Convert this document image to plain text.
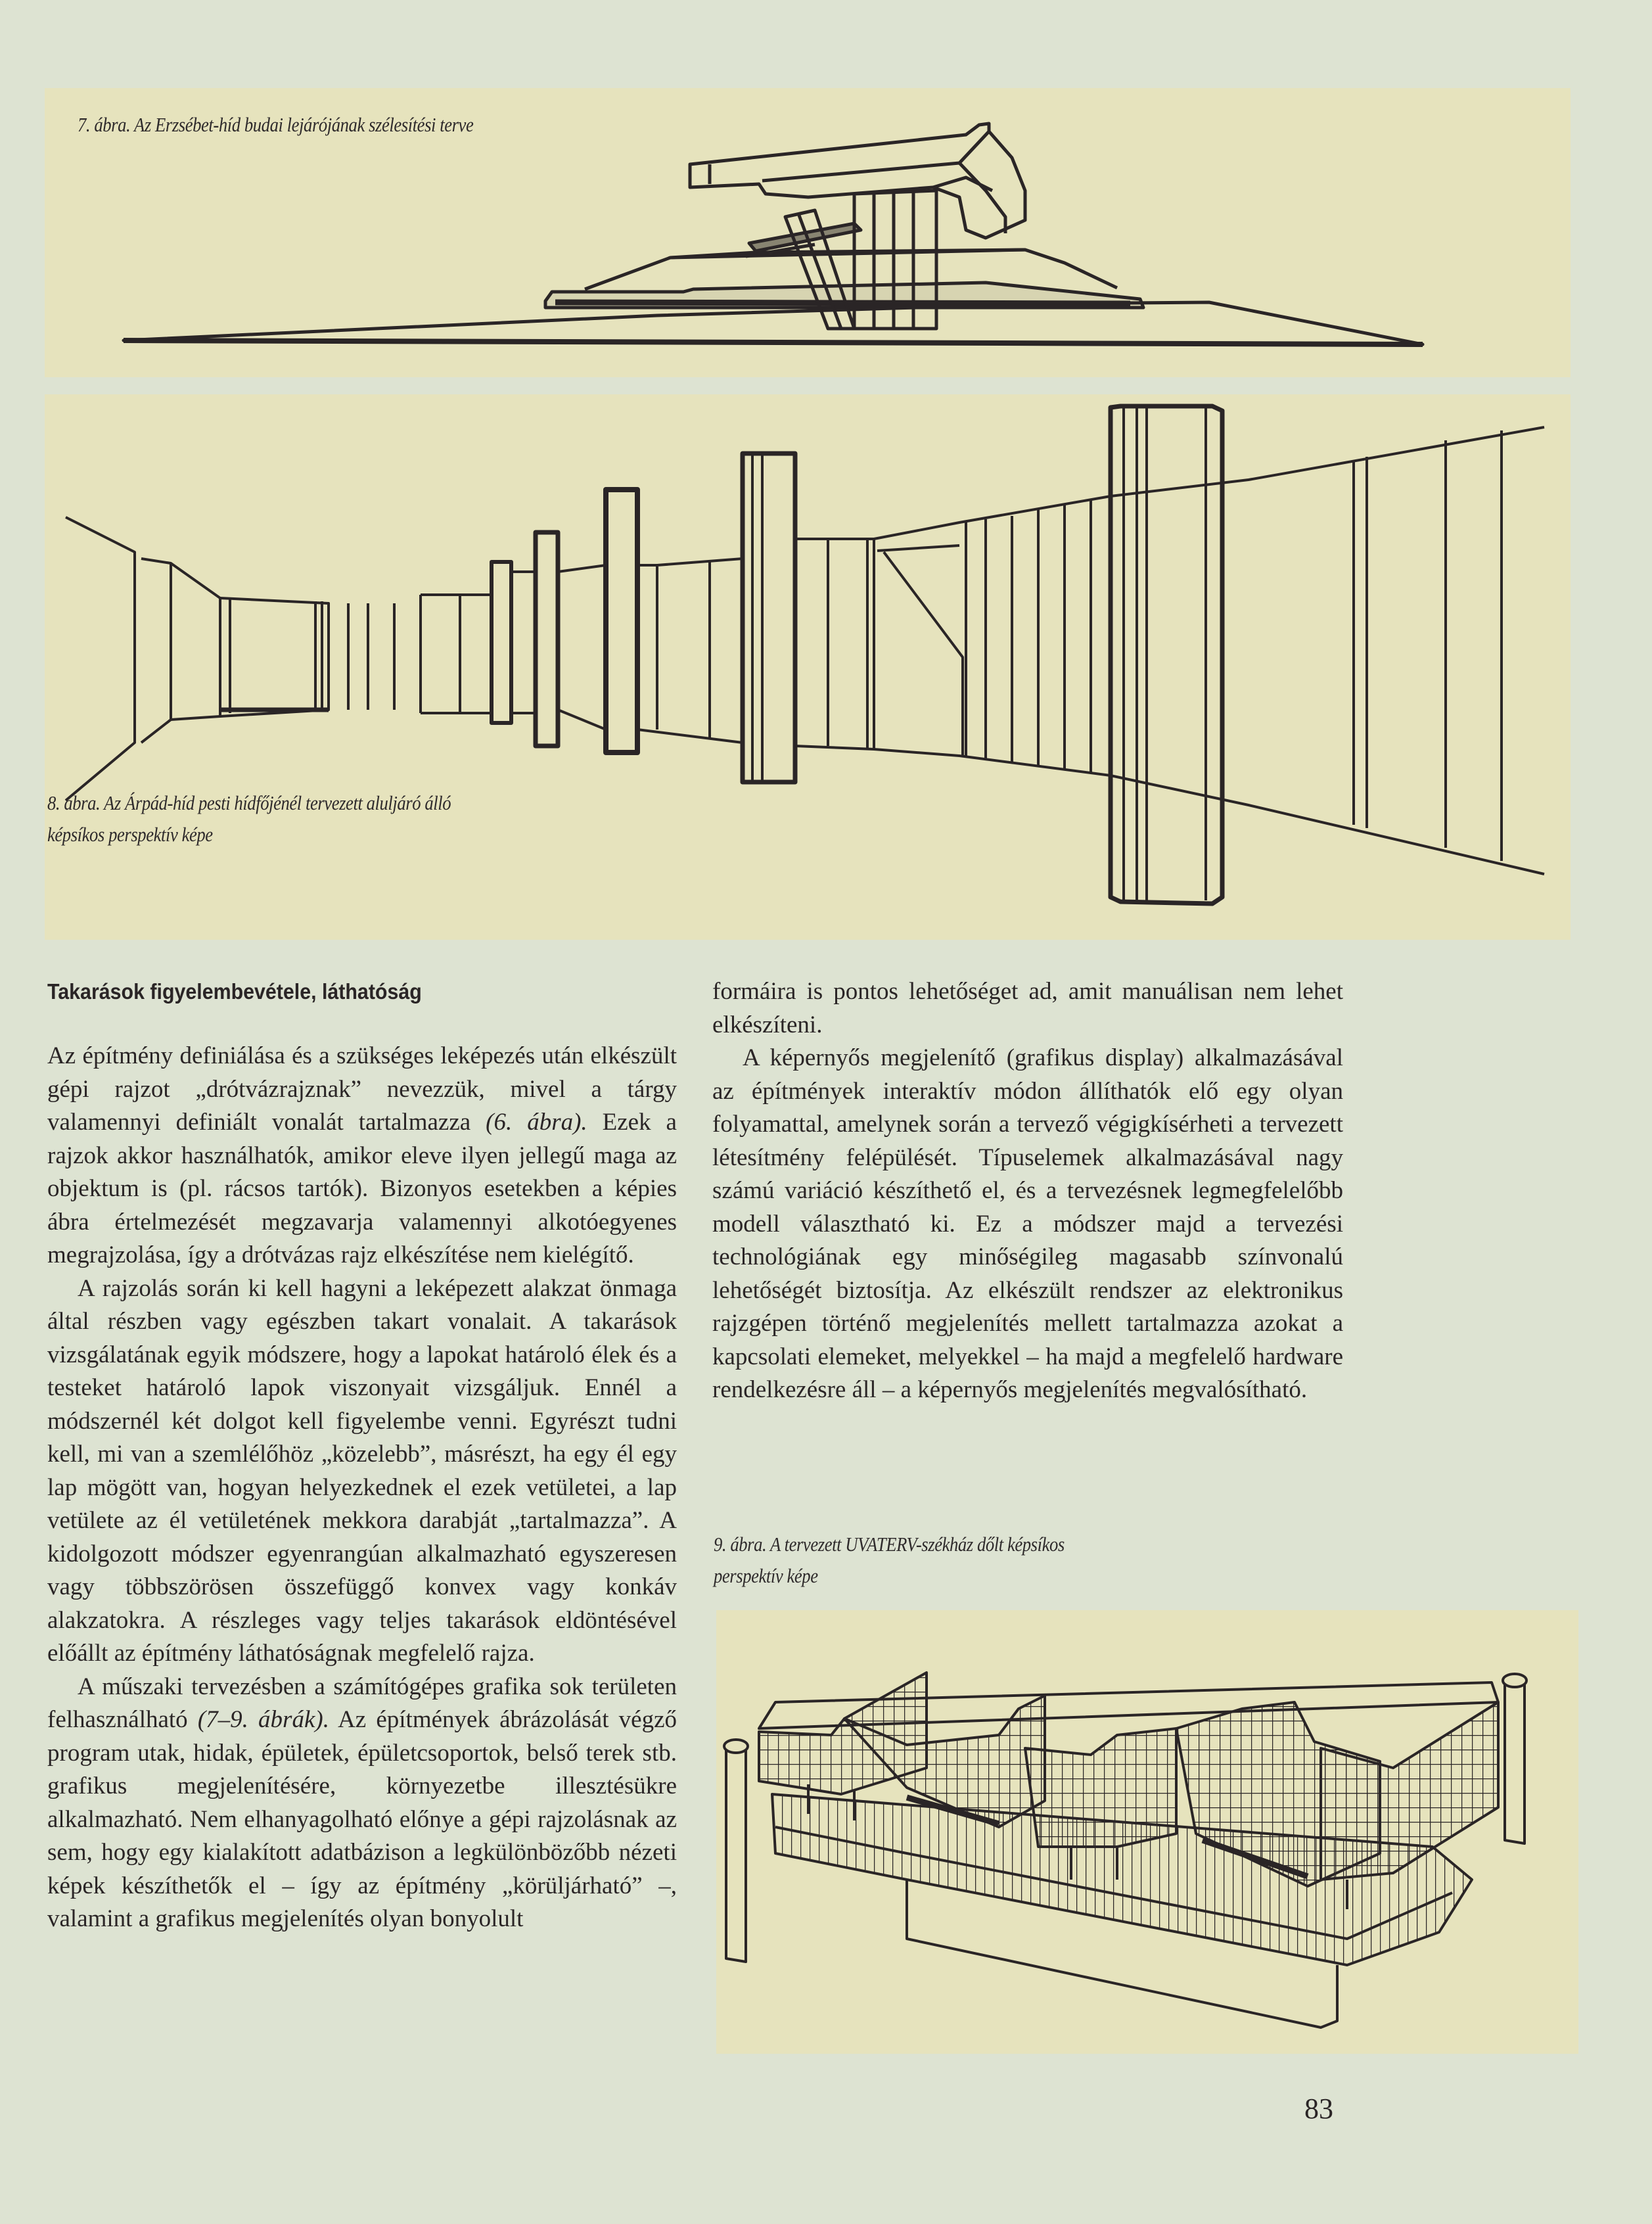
7. ábra. Az Erzsébet-híd budai lejárójának szélesítési terve
8. ábra. Az Árpád-híd pesti hídfőjénél tervezett aluljáró álló
képsíkos perspektív képe
Takarások figyelembevétele, láthatóság

Az építmény definiálása és a szükséges leképezés után elkészült gépi rajzot „drótvázrajznak” nevezzük, mivel a tárgy valamennyi definiált vonalát tartalmazza (6. ábra). Ezek a rajzok akkor használhatók, amikor eleve ilyen jellegű maga az objektum is (pl. rácsos tartók). Bizonyos esetekben a képies ábra értelmezését megzavarja valamennyi alkotóegyenes megrajzolása, így a drótvázas rajz elkészítése nem kielégítő.

A rajzolás során ki kell hagyni a leképezett alakzat önmaga által részben vagy egészben takart vonalait. A takarások vizsgálatának egyik módszere, hogy a lapokat határoló élek és a testeket határoló lapok viszonyait vizsgáljuk. Ennél a módszernél két dolgot kell figyelembe venni. Egyrészt tudni kell, mi van a szemlélőhöz „közelebb”, másrészt, ha egy él egy lap mögött van, hogyan helyezkednek el ezek vetületei, a lap vetülete az él vetületének mekkora darabját „tartalmazza”. A kidolgozott módszer egyenrangúan alkalmazható egyszeresen vagy többszörösen összefüggő konvex vagy konkáv alakzatokra. A részleges vagy teljes takarások eldöntésével előállt az építmény láthatóságnak megfelelő rajza.

A műszaki tervezésben a számítógépes grafika sok területen felhasználható (7–9. ábrák). Az építmények ábrázolását végző program utak, hidak, épületek, épületcsoportok, belső terek stb. grafikus megjelenítésére, környezetbe illesztésükre alkalmazható. Nem elhanyagolható előnye a gépi rajzolásnak az sem, hogy egy kialakított adatbázison a legkülönbözőbb nézeti képek készíthetők el – így az építmény „körüljárható” –, valamint a grafikus megjelenítés olyan bonyolult

formáira is pontos lehetőséget ad, amit manuálisan nem lehet elkészíteni.

A képernyős megjelenítő (grafikus display) alkalmazásával az építmények interaktív módon állíthatók elő egy olyan folyamattal, amelynek során a tervező végigkísérheti a tervezett létesítmény felépülését. Típuselemek alkalmazásával nagy számú variáció készíthető el, és a tervezésnek legmegfelelőbb modell választható ki. Ez a módszer majd a tervezési technológiának egy minőségileg magasabb színvonalú lehetőségét biztosítja. Az elkészült rendszer az elektronikus rajzgépen történő megjelenítés mellett tartalmazza azokat a kapcsolati elemeket, melyekkel – ha majd a megfelelő hardware rendelkezésre áll – a képernyős megjelenítés megvalósítható.

9. ábra. A tervezett UVATERV-székház dőlt képsíkos
perspektív képe
83
